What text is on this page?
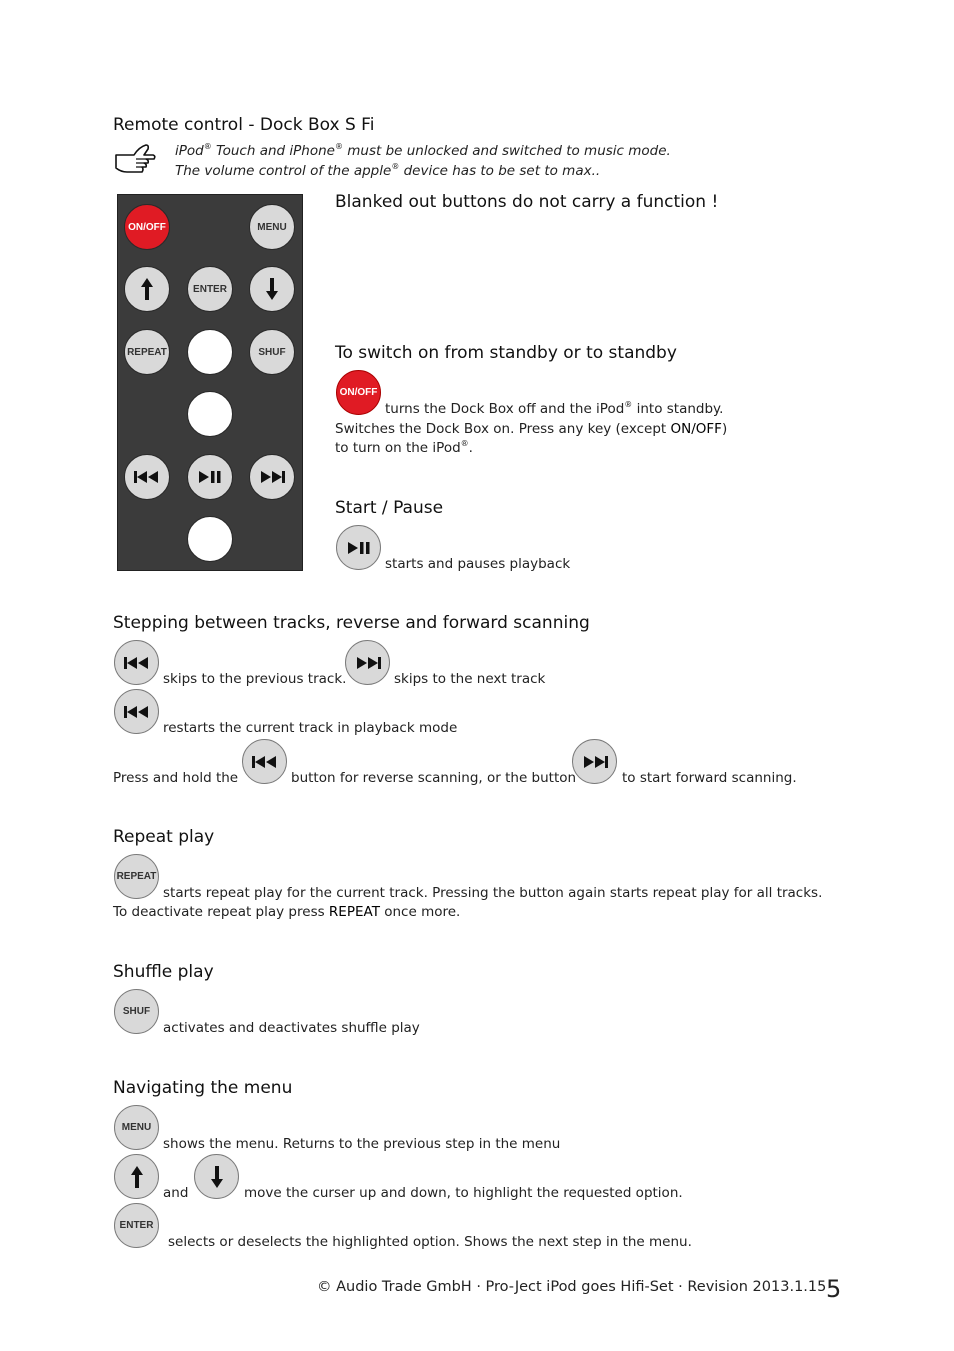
Remote control - Dock Box S Fi
iPod® Touch and iPhone® must be unlocked and switched to music mode.
The volume control of the apple® device has to be set to max..
ON/OFF	MENU
ENTER
REPEAT	SHUF
Blanked out buttons do not carry a function !
To switch on from standby or to standby
ON/OFF
turns the Dock Box off and the iPod® into standby.
Switches the Dock Box on. Press any key (except ON/OFF)
to turn on the iPod®.
Start / Pause
starts and pauses playback
Stepping between tracks, reverse and forward scanning
skips to the previous track.	skips to the next track
restarts the current track in playback mode
Press and hold the	button for reverse scanning, or the button	to start forward scanning.
Repeat play
REPEAT
starts repeat play for the current track. Pressing the button again starts repeat play for all tracks.
To deactivate repeat play press REPEAT once more.
Shuffle play
SHUF
activates and deactivates shuffle play
Navigating the menu
MENU
shows the menu. Returns to the previous step in the menu
and	move the curser up and down, to highlight the requested option.
ENTER
selects or deselects the highlighted option. Shows the next step in the menu.
© Audio Trade GmbH · Pro-Ject iPod goes Hifi-Set · Revision 2013.1.15 5
